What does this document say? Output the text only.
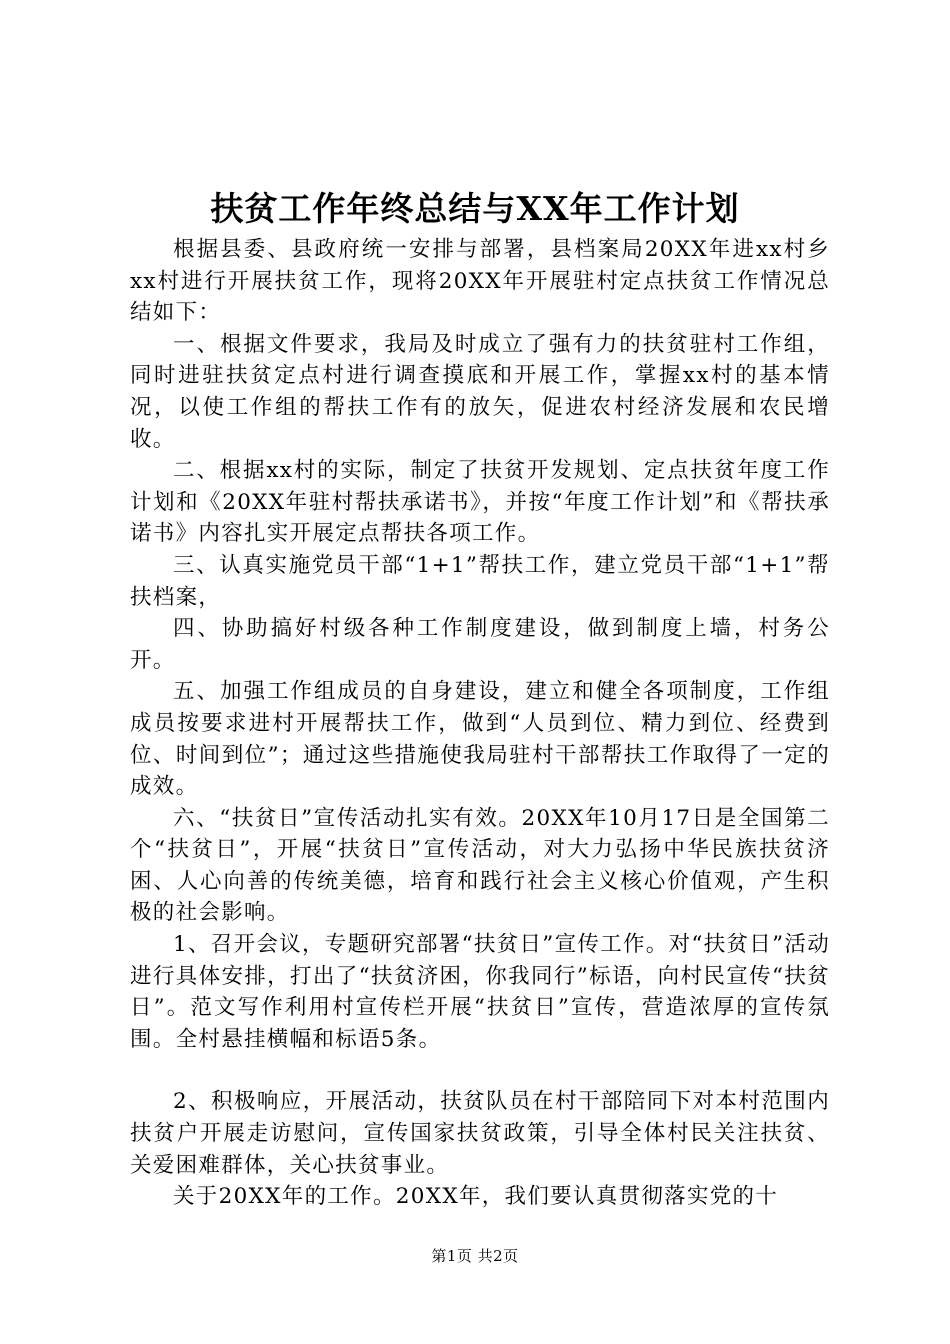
扶贫工作年终总结与XX年工作计划

根据县委、县政府统一安排与部署，县档案局20XX年进xx村乡xx村进行开展扶贫工作，现将20XX年开展驻村定点扶贫工作情况总结如下：

一、根据文件要求，我局及时成立了强有力的扶贫驻村工作组，同时进驻扶贫定点村进行调查摸底和开展工作，掌握xx村的基本情况，以使工作组的帮扶工作有的放矢，促进农村经济发展和农民增收。

二、根据xx村的实际，制定了扶贫开发规划、定点扶贫年度工作计划和《20XX年驻村帮扶承诺书》，并按“年度工作计划”和《帮扶承诺书》内容扎实开展定点帮扶各项工作。

三、认真实施党员干部“1+1”帮扶工作，建立党员干部“1+1”帮扶档案，

四、协助搞好村级各种工作制度建设，做到制度上墙，村务公开。

五、加强工作组成员的自身建设，建立和健全各项制度，工作组成员按要求进村开展帮扶工作，做到“人员到位、精力到位、经费到位、时间到位”；通过这些措施使我局驻村干部帮扶工作取得了一定的成效。

六、“扶贫日”宣传活动扎实有效。20XX年10月17日是全国第二个“扶贫日”，开展“扶贫日”宣传活动，对大力弘扬中华民族扶贫济困、人心向善的传统美德，培育和践行社会主义核心价值观，产生积极的社会影响。

1、召开会议，专题研究部署“扶贫日”宣传工作。对“扶贫日”活动进行具体安排，打出了“扶贫济困，你我同行”标语，向村民宣传“扶贫日”。范文写作利用村宣传栏开展“扶贫日”宣传，营造浓厚的宣传氛围。全村悬挂横幅和标语5条。

2、积极响应，开展活动，扶贫队员在村干部陪同下对本村范围内扶贫户开展走访慰问，宣传国家扶贫政策，引导全体村民关注扶贫、关爱困难群体，关心扶贫事业。

关于20XX年的工作。20XX年，我们要认真贯彻落实党的十

第1页 共2页
